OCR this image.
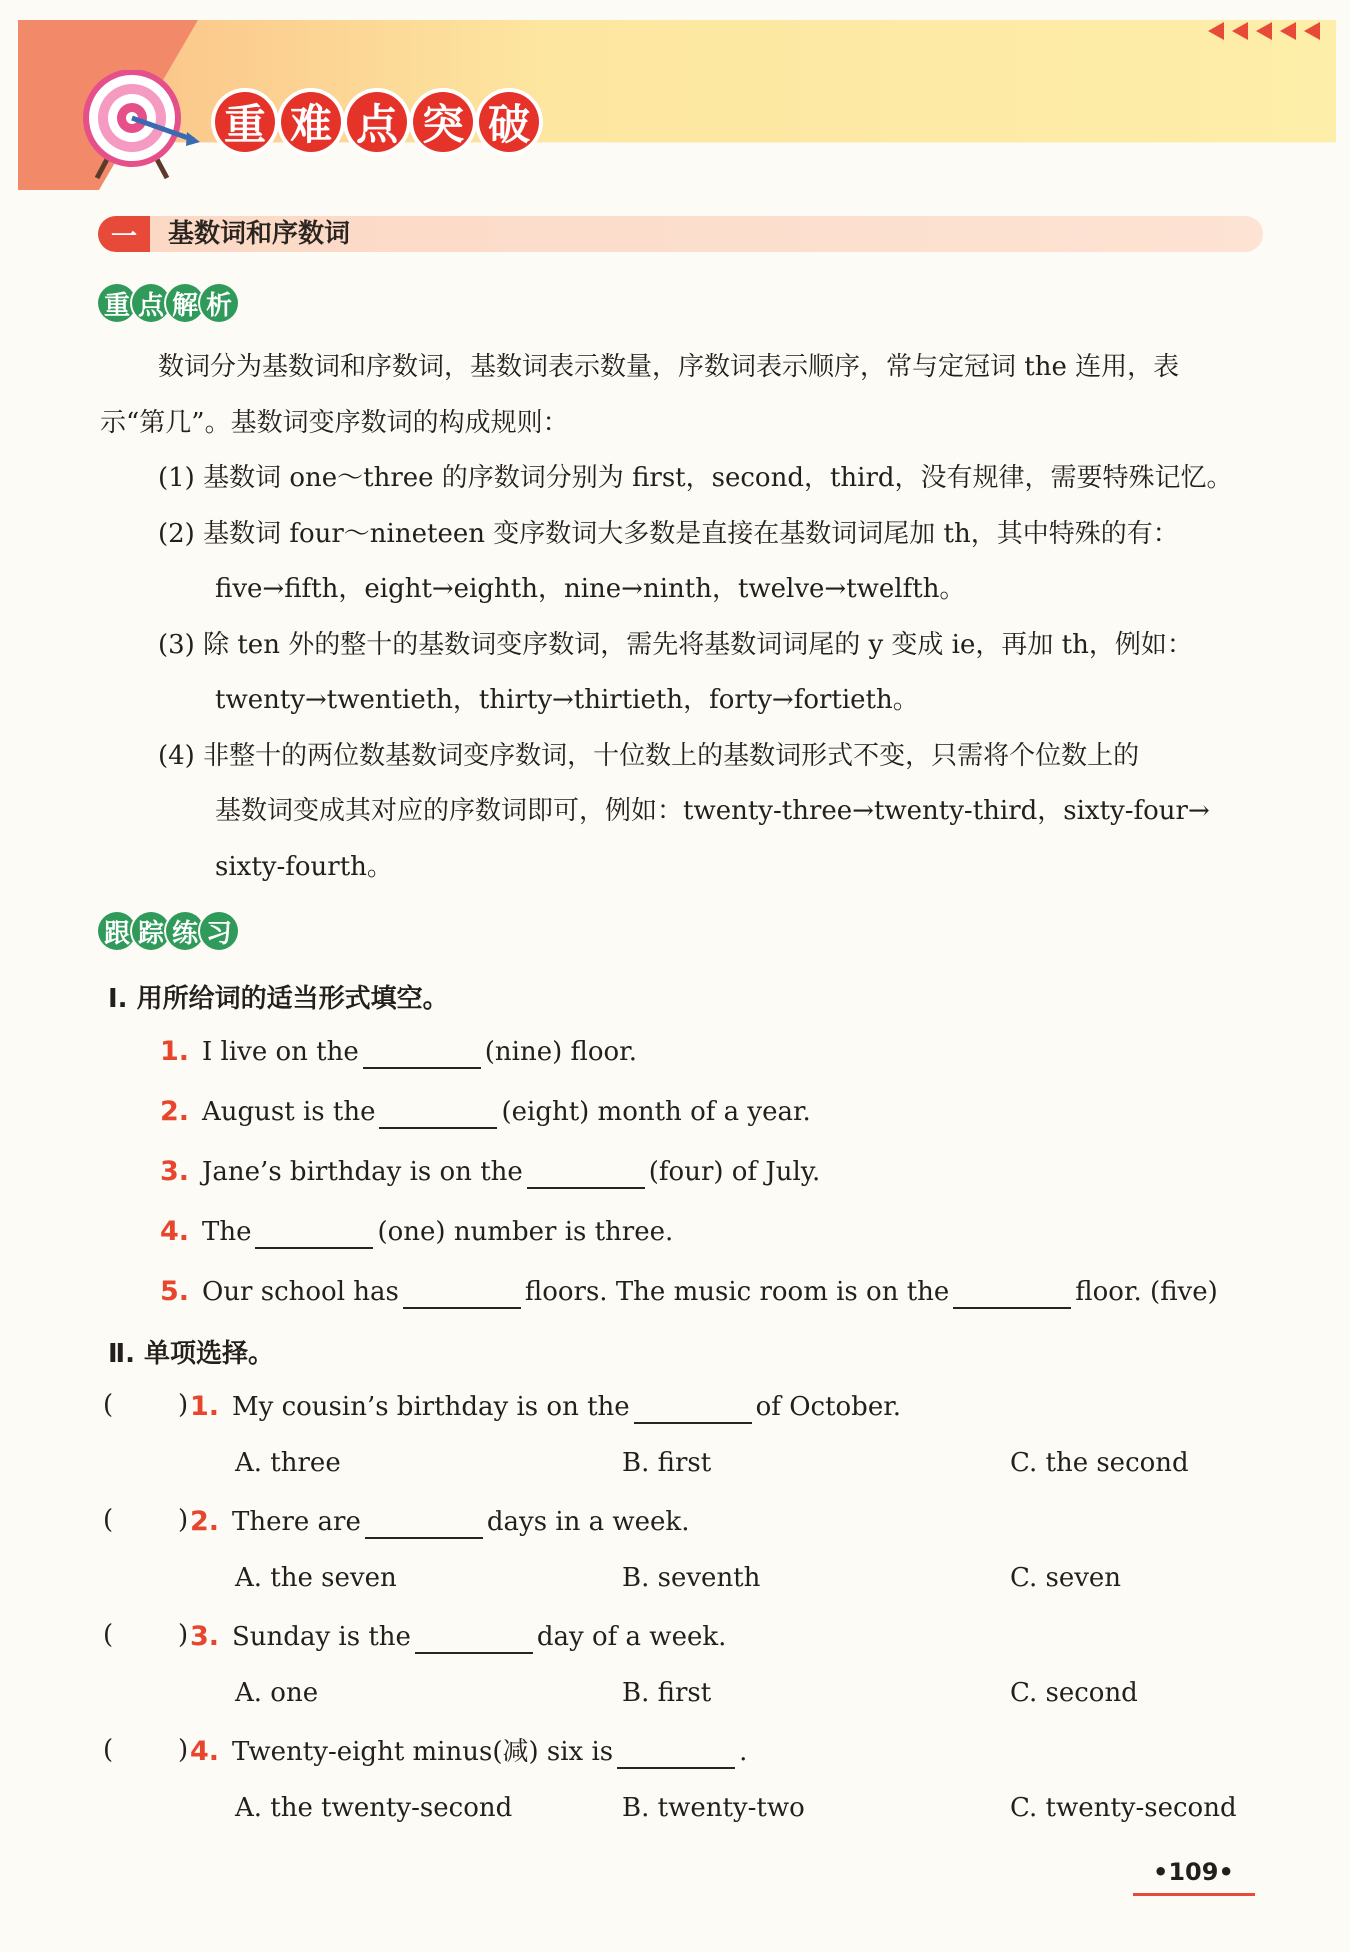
重 难 点 突 破
一	基数词和序数词
重 点 解 析
数词分为基数词和序数词，基数词表示数量，序数词表示顺序，常与定冠词 the 连用，表
示“第几”。基数词变序数词的构成规则：
(1) 基数词 one～three 的序数词分别为 first，second，third，没有规律，需要特殊记忆。
(2) 基数词 four～nineteen 变序数词大多数是直接在基数词词尾加 th，其中特殊的有：
five→fifth，eight→eighth，nine→ninth，twelve→twelfth。
(3) 除 ten 外的整十的基数词变序数词，需先将基数词词尾的 y 变成 ie，再加 th，例如：
twenty→twentieth，thirty→thirtieth，forty→fortieth。
(4) 非整十的两位数基数词变序数词，十位数上的基数词形式不变，只需将个位数上的
基数词变成其对应的序数词即可，例如：twenty-three→twenty-third，sixty-four→
sixty-fourth。
跟 踪 练 习
Ⅰ. 用所给词的适当形式填空。
1. I live on the	(nine) floor.
2. August is the	(eight) month of a year.
3. Jane’s birthday is on the	(four) of July.
4. The	(one) number is three.
5. Our school has	floors. The music room is on the	floor. (five)
Ⅱ. 单项选择。
( ) 1. My cousin’s birthday is on the	of October.
A. three	B. first	C. the second
( ) 2. There are	days in a week.
A. the seven	B. seventh	C. seven
( ) 3. Sunday is the	day of a week.
A. one	B. first	C. second
( ) 4. Twenty-eight minus(减) six is	.
A. the twenty-second	B. twenty-two	C. twenty-second
•109•
